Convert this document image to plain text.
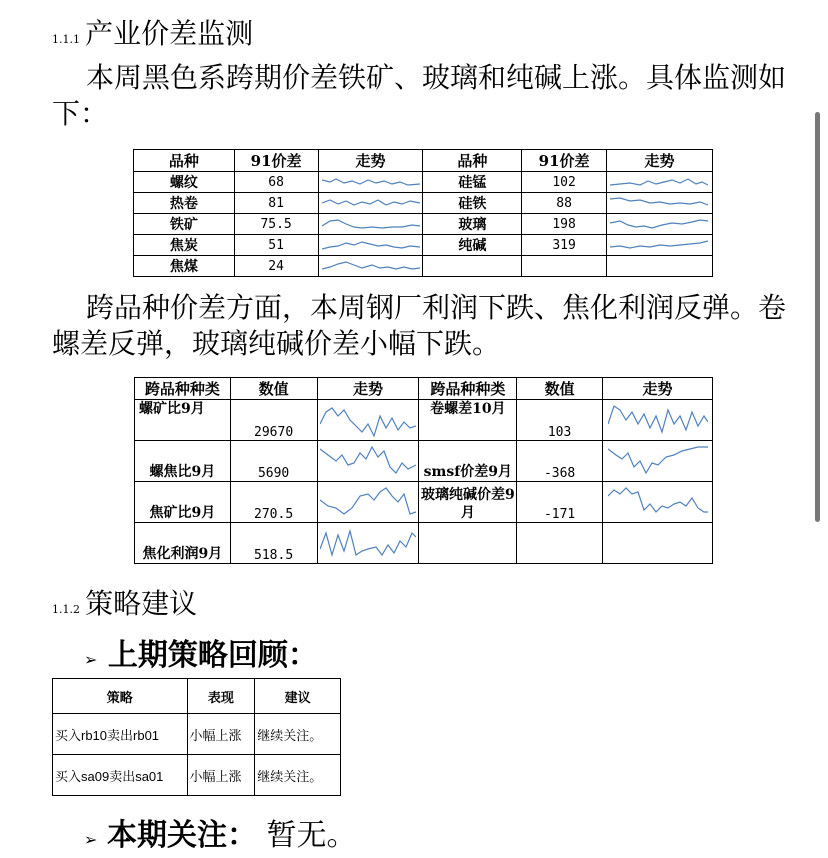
1.1.1 产业价差监测
本周黑色系跨期价差铁矿、玻璃和纯碱上涨。具体监测如下：
品种	91价差	走势	品种	91价差	走势
螺纹	68		硅锰	102	

热卷	81		硅铁	88	

铁矿	75.5		玻璃	198	

焦炭	51		纯碱	319	

焦煤	24	

跨品种价差方面，本周钢厂利润下跌、焦化利润反弹。卷螺差反弹，玻璃纯碱价差小幅下跌。
跨品种种类	数值	走势	跨品种种类	数值	走势
螺矿比9月	29670		卷螺差10月	103	

螺焦比9月	5690		smsf价差9月	-368	

焦矿比9月	270.5		玻璃纯碱价差9月	-171	

焦化利润9月	518.5	

1.1.2 策略建议
➢ 上期策略回顾：
策略	表现	建议
买入rb10卖出rb01	小幅上涨	继续关注。
买入sa09卖出sa01	小幅上涨	继续关注。
➢ 本期关注： 暂无。
